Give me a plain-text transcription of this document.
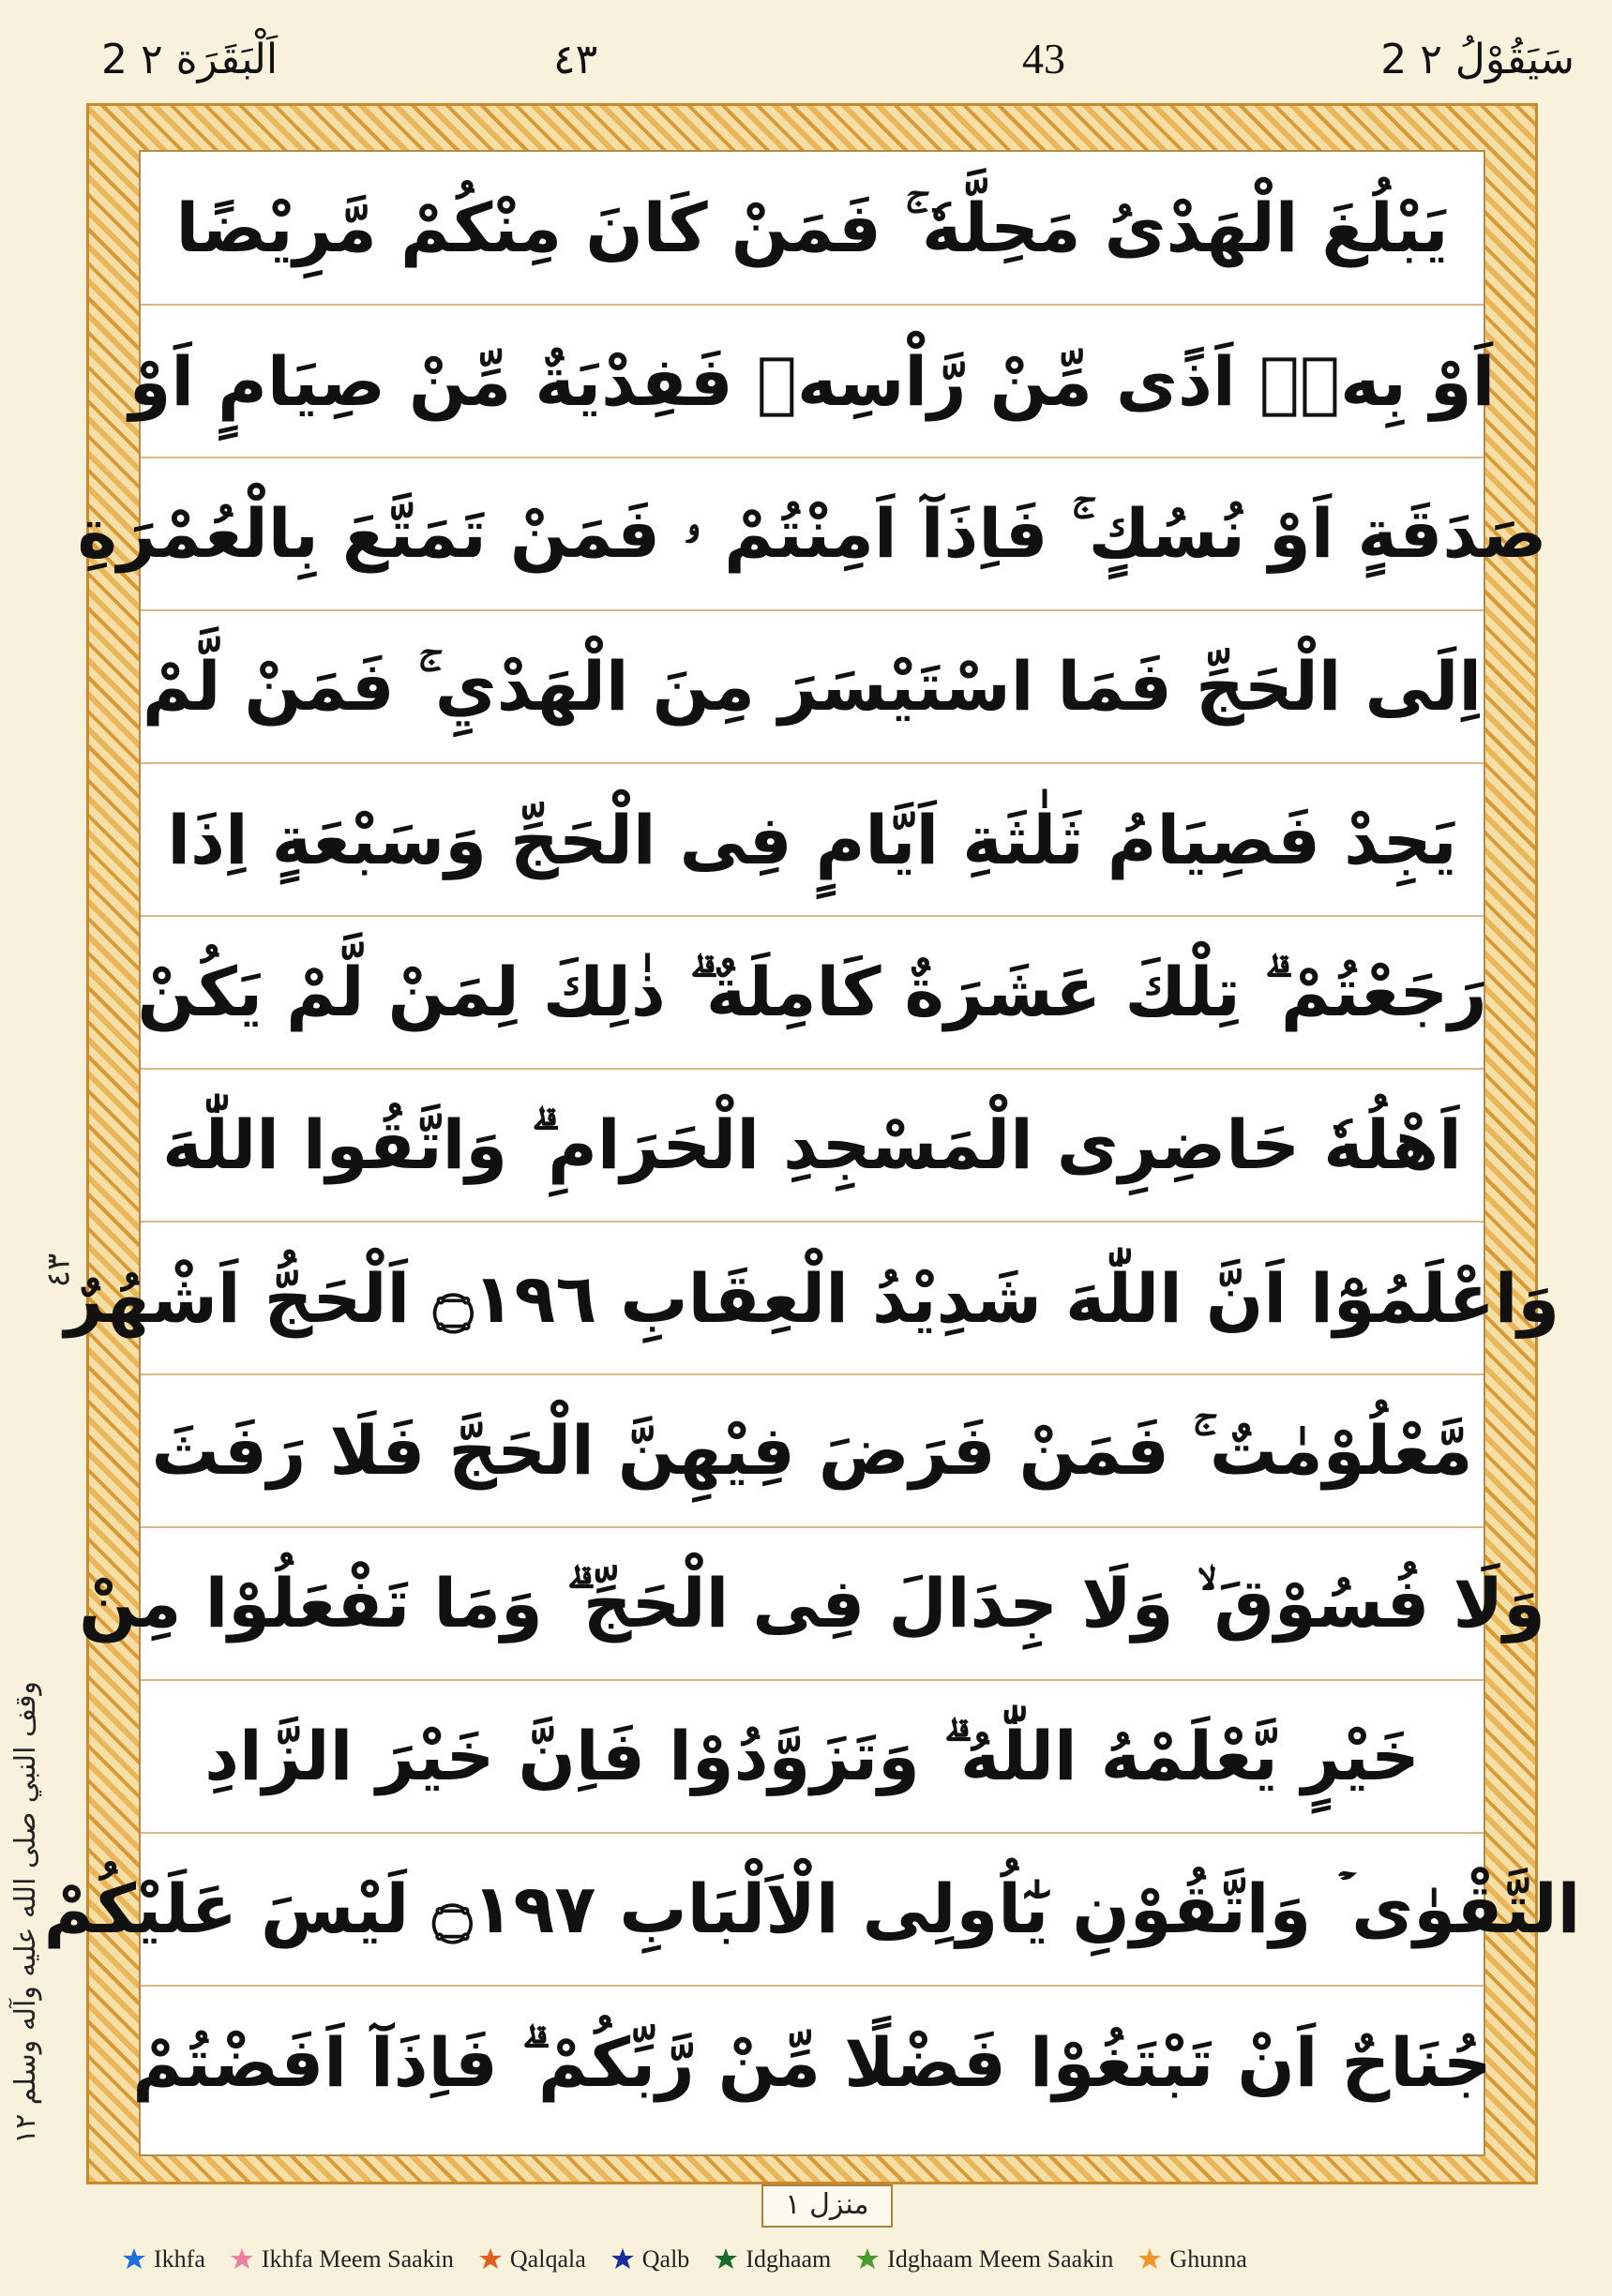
2 اَلْبَقَرَة ٢	٤٣	43	2 سَيَقُوْلُ ٢
يَبْلُغَ الْهَدْىُ مَحِلَّهٗ ۚ فَمَنْ كَانَ مِنْكُمْ مَّرِيْضًا
اَوْ بِهٖۤ اَذًى مِّنْ رَّاْسِهٖ فَفِدْيَةٌ مِّنْ صِيَامٍ اَوْ
صَدَقَةٍ اَوْ نُسُكٍ ۚ فَاِذَآ اَمِنْتُمْ ۥ فَمَنْ تَمَتَّعَ بِالْعُمْرَةِ
اِلَى الْحَجِّ فَمَا اسْتَيْسَرَ مِنَ الْهَدْيِ ۚ فَمَنْ لَّمْ
يَجِدْ فَصِيَامُ ثَلٰثَةِ اَيَّامٍ فِى الْحَجِّ وَسَبْعَةٍ اِذَا
رَجَعْتُمْ ۗ تِلْكَ عَشَرَةٌ كَامِلَةٌ ۗ ذٰلِكَ لِمَنْ لَّمْ يَكُنْ
اَهْلُهٗ حَاضِرِى الْمَسْجِدِ الْحَرَامِ ۗ وَاتَّقُوا اللّٰهَ
وَاعْلَمُوْٓا اَنَّ اللّٰهَ شَدِيْدُ الْعِقَابِ ۝١٩٦ اَلْحَجُّ اَشْهُرٌ
مَّعْلُوْمٰتٌ ۚ فَمَنْ فَرَضَ فِيْهِنَّ الْحَجَّ فَلَا رَفَثَ
وَلَا فُسُوْقَ ۙ وَلَا جِدَالَ فِى الْحَجِّ ۗ وَمَا تَفْعَلُوْا مِنْ
خَيْرٍ يَّعْلَمْهُ اللّٰهُ ۗ وَتَزَوَّدُوْا فَاِنَّ خَيْرَ الزَّادِ
التَّقْوٰى ۡ وَاتَّقُوْنِ يٰٓاُولِى الْاَلْبَابِ ۝١٩٧ لَيْسَ عَلَيْكُمْ
جُنَاحٌ اَنْ تَبْتَغُوْا فَضْلًا مِّنْ رَّبِّكُمْ ۗ فَاِذَآ اَفَضْتُمْ
٤٣
وقف النبي صلى الله عليه وآله وسلم ١٢
منزل ١
Ikhfa Ikhfa Meem Saakin Qalqala Qalb Idghaam Idghaam Meem Saakin Ghunna
